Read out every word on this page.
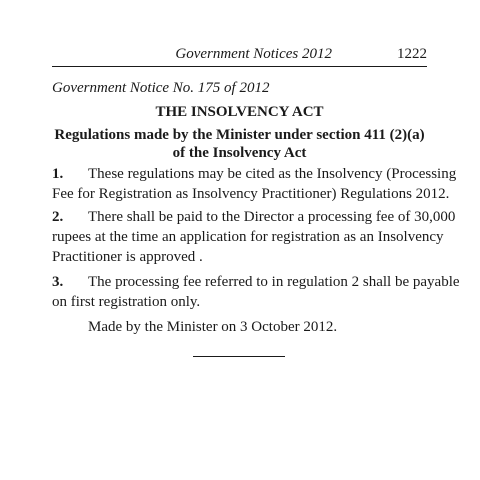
Government Notices 2012	1222
Government Notice No. 175 of 2012
THE INSOLVENCY ACT
Regulations made by the Minister under section 411 (2)(a)
of the Insolvency Act
1. These regulations may be cited as the Insolvency (Processing
Fee for Registration as Insolvency Practitioner) Regulations 2012.
2. There shall be paid to the Director a processing fee of 30,000
rupees at the time an application for registration as an Insolvency
Practitioner is approved .
3. The processing fee referred to in regulation 2 shall be payable
on first registration only.
Made by the Minister on 3 October 2012.
